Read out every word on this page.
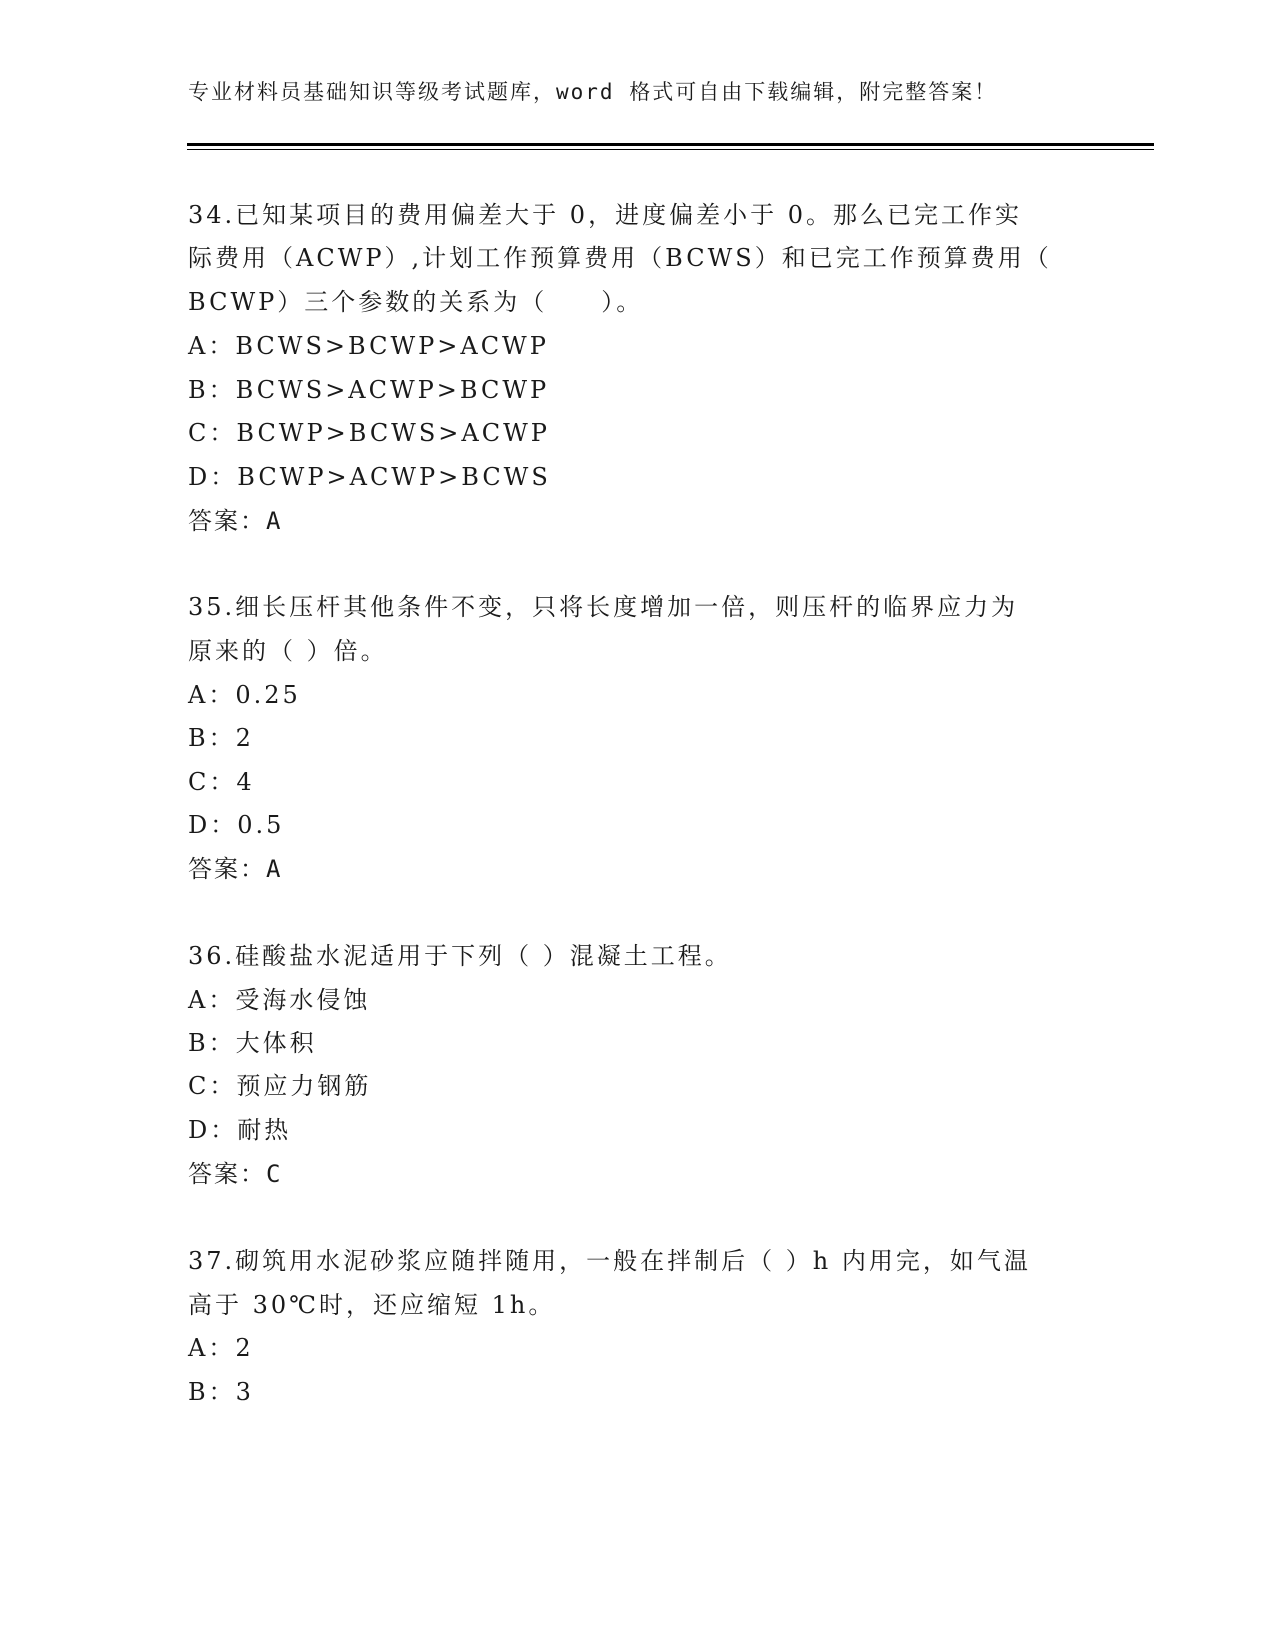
专业材料员基础知识等级考试题库，word 格式可自由下载编辑，附完整答案！
34.已知某项目的费用偏差大于 0，进度偏差小于 0。那么已完工作实
际费用（ACWP）,计划工作预算费用（BCWS）和已完工作预算费用（
BCWP）三个参数的关系为（　　）。
A：BCWS>BCWP>ACWP
B：BCWS>ACWP>BCWP
C：BCWP>BCWS>ACWP
D：BCWP>ACWP>BCWS
答案：A
35.细长压杆其他条件不变，只将长度增加一倍，则压杆的临界应力为
原来的（ ）倍。
A：0.25
B：2
C：4
D：0.5
答案：A
36.硅酸盐水泥适用于下列（ ）混凝土工程。
A：受海水侵蚀
B：大体积
C：预应力钢筋
D：耐热
答案：C
37.砌筑用水泥砂浆应随拌随用，一般在拌制后（ ）h 内用完，如气温
高于 30℃时，还应缩短 1h。
A：2
B：3
